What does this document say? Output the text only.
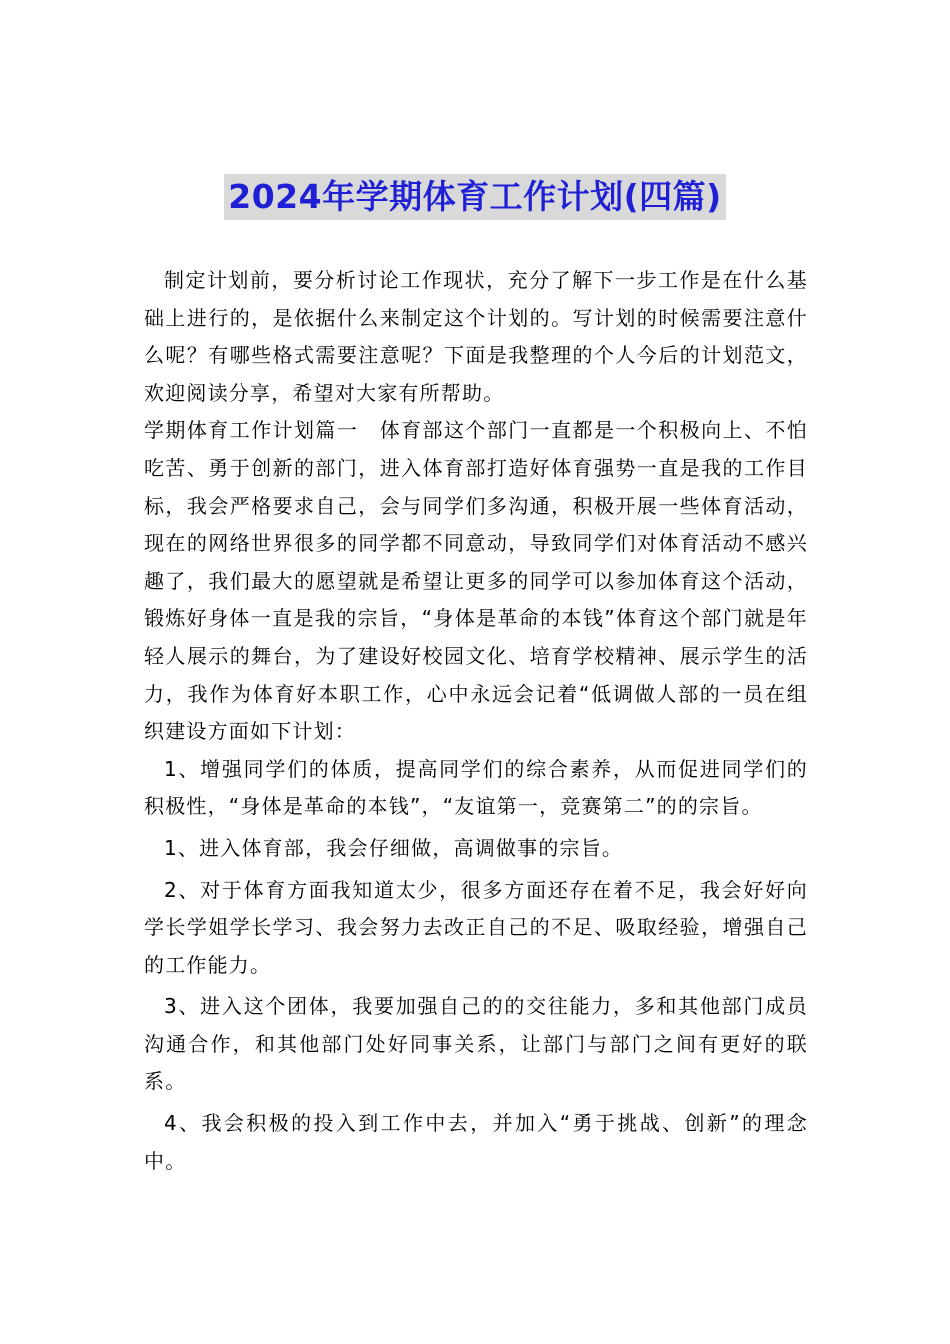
2024年学期体育工作计划(四篇)

制定计划前，要分析讨论工作现状，充分了解下一步工作是在什么基础上进行的，是依据什么来制定这个计划的。写计划的时候需要注意什么呢？有哪些格式需要注意呢？下面是我整理的个人今后的计划范文，欢迎阅读分享，希望对大家有所帮助。

学期体育工作计划篇一　体育部这个部门一直都是一个积极向上、不怕吃苦、勇于创新的部门，进入体育部打造好体育强势一直是我的工作目标，我会严格要求自己，会与同学们多沟通，积极开展一些体育活动，现在的网络世界很多的同学都不同意动，导致同学们对体育活动不感兴趣了，我们最大的愿望就是希望让更多的同学可以参加体育这个活动，锻炼好身体一直是我的宗旨，“身体是革命的本钱”体育这个部门就是年轻人展示的舞台，为了建设好校园文化、培育学校精神、展示学生的活力，我作为体育好本职工作，心中永远会记着“低调做人部的一员在组织建设方面如下计划：

1、增强同学们的体质，提高同学们的综合素养，从而促进同学们的积极性，“身体是革命的本钱”，“友谊第一，竞赛第二”的的宗旨。

1、进入体育部，我会仔细做，高调做事的宗旨。

2、对于体育方面我知道太少，很多方面还存在着不足，我会好好向学长学姐学长学习、我会努力去改正自己的不足、吸取经验，增强自己的工作能力。

3、进入这个团体，我要加强自己的的交往能力，多和其他部门成员沟通合作，和其他部门处好同事关系，让部门与部门之间有更好的联系。

4、我会积极的投入到工作中去，并加入“勇于挑战、创新”的理念中。
